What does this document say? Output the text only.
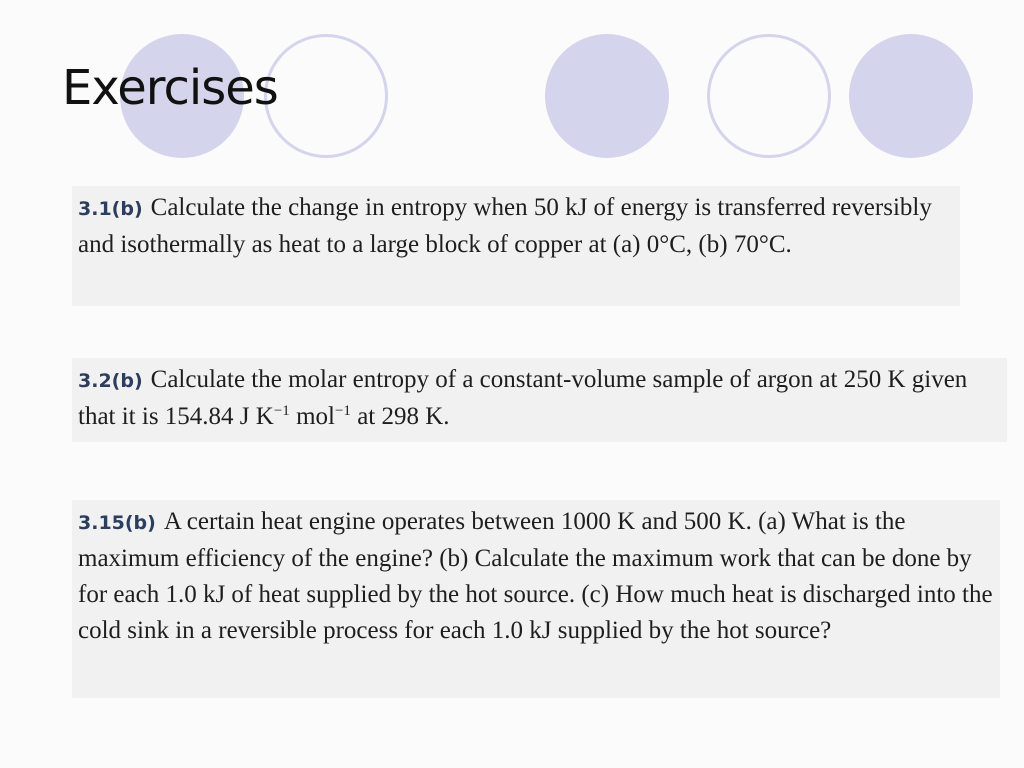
Exercises
3.1(b) Calculate the change in entropy when 50 kJ of energy is transferred reversibly and isothermally as heat to a large block of copper at (a) 0°C, (b) 70°C.
3.2(b) Calculate the molar entropy of a constant-volume sample of argon at 250 K given that it is 154.84 J $K^{-1}$ mol$^{-1}$ at 298 K.
3.15(b) A certain heat engine operates between 1000 K and 500 K. (a) What is the maximum efficiency of the engine? (b) Calculate the maximum work that can be done by for each 1.0 kJ of heat supplied by the hot source. (c) How much heat is discharged into the cold sink in a reversible process for each 1.0 kJ supplied by the hot source?
